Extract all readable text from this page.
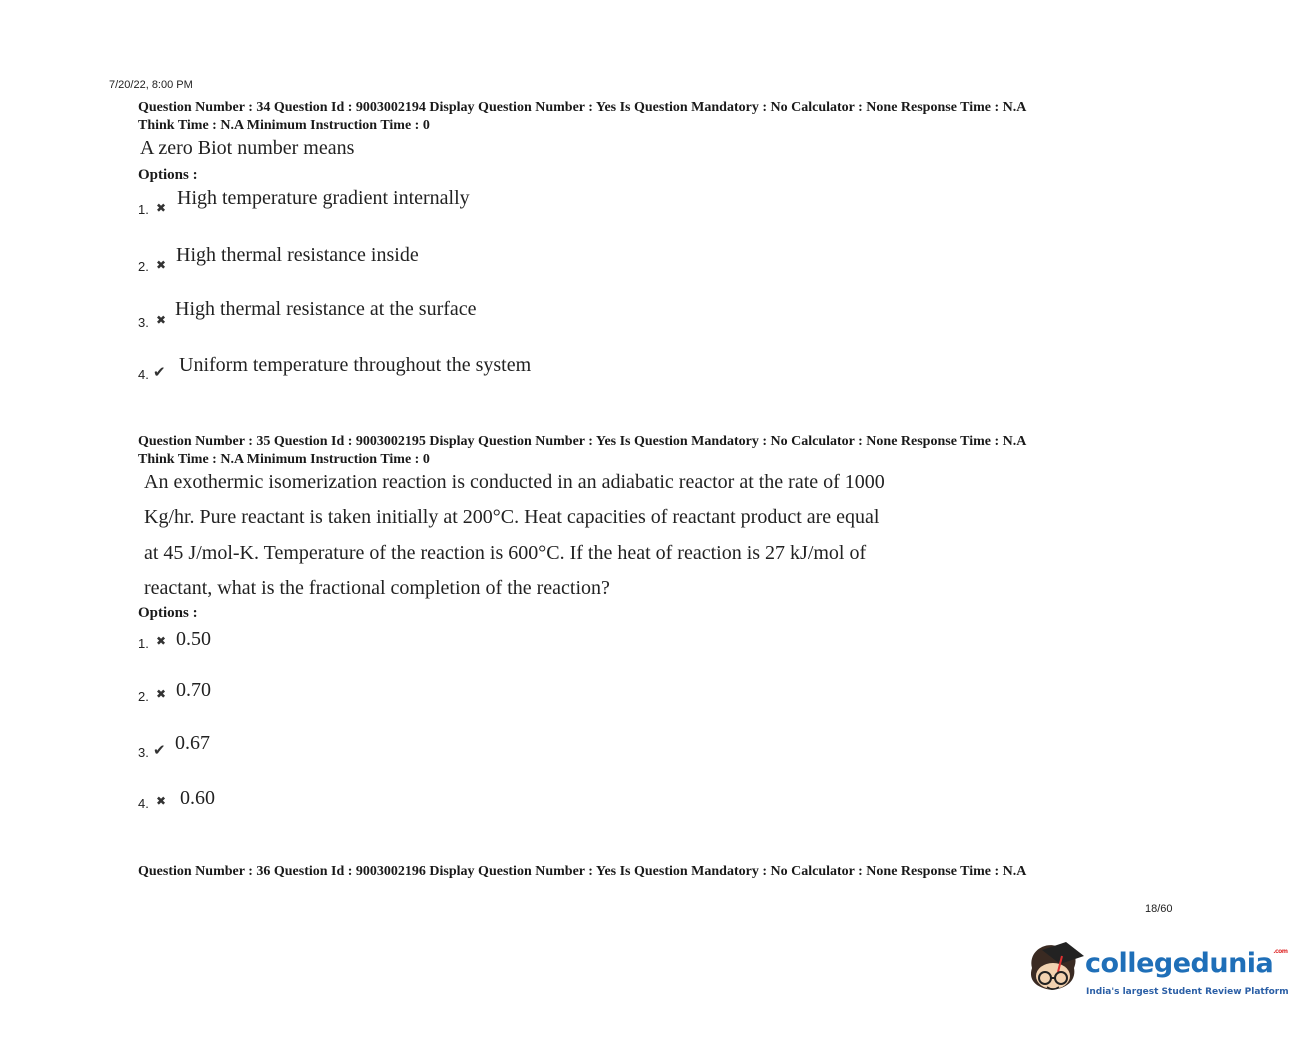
7/20/22, 8:00 PM
Question Number : 34 Question Id : 9003002194 Display Question Number : Yes Is Question Mandatory : No Calculator : None Response Time : N.A
Think Time : N.A Minimum Instruction Time : 0
A zero Biot number means
Options :
1. ✖ High temperature gradient internally
2. ✖ High thermal resistance inside
3. ✖ High thermal resistance at the surface
4. ✔ Uniform temperature throughout the system
Question Number : 35 Question Id : 9003002195 Display Question Number : Yes Is Question Mandatory : No Calculator : None Response Time : N.A
Think Time : N.A Minimum Instruction Time : 0
An exothermic isomerization reaction is conducted in an adiabatic reactor at the rate of 1000
Kg/hr. Pure reactant is taken initially at 200°C. Heat capacities of reactant product are equal
at 45 J/mol-K. Temperature of the reaction is 600°C. If the heat of reaction is 27 kJ/mol of
reactant, what is the fractional completion of the reaction?
Options :
1. ✖ 0.50
2. ✖ 0.70
3. ✔ 0.67
4. ✖ 0.60
Question Number : 36 Question Id : 9003002196 Display Question Number : Yes Is Question Mandatory : No Calculator : None Response Time : N.A
18/60
collegedunia$^{.com}$
India's largest Student Review Platform
